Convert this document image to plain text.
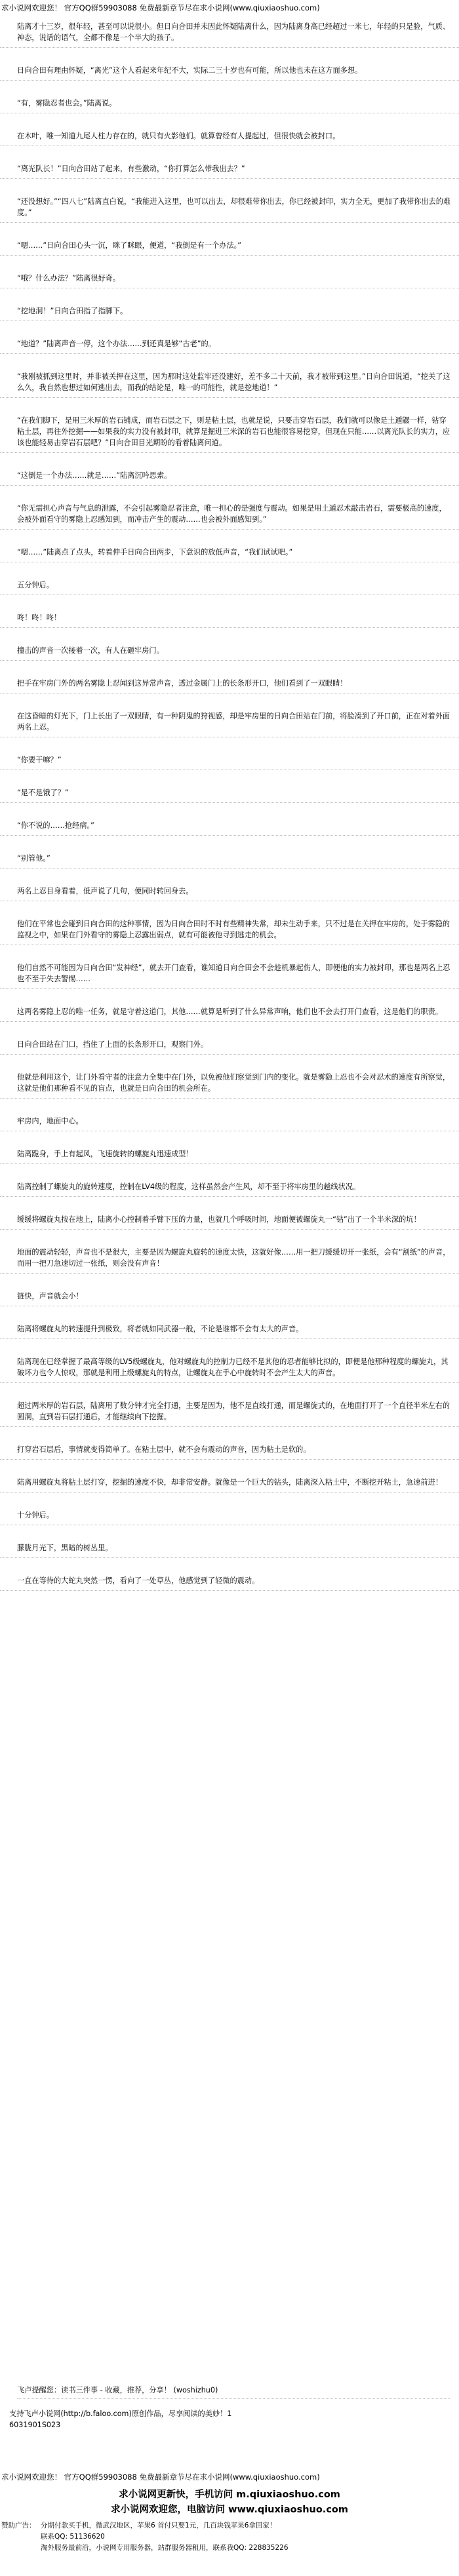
求小说网欢迎您！ 官方QQ群59903088 免费最新章节尽在求小说网(www.qiuxiaoshuo.com)
陆离才十三岁，很年轻，甚至可以说很小。但日向合田并未因此怀疑陆离什么，因为陆离身高已经超过一米七，年轻的只是脸，气质、神态，说话的语气，全都不像是一个半大的孩子。
日向合田有理由怀疑，“离光”这个人看起来年纪不大，实际二三十岁也有可能，所以他也未在这方面多想。
“有，雾隐忍者也会。”陆离说。
在木叶，唯一知道九尾人柱力存在的，就只有火影他们。就算曾经有人提起过，但很快就会被封口。
“离光队长！”日向合田站了起来，有些激动，“你打算怎么带我出去？”
“还没想好。”“四八七”陆离直白说，“我能进入这里，也可以出去，却很难带你出去，你已经被封印，实力全无，更加了我带你出去的难度。”
“嗯……”日向合田心头一沉，眯了眯眼，便道，“我倒是有一个办法。”
“哦？什么办法？”陆离很好奇。
“挖地洞！”日向合田指了指脚下。
“地道？”陆离声音一停，这个办法……到还真是够“古老”的。
“我刚被抓到这里时，并非被关押在这里，因为那时这处监牢还没建好，差不多二十天前，我才被带到这里。”日向合田说道，“挖关了这么久，我自然也想过如何逃出去，而我的结论是，唯一的可能性，就是挖地道！”
“在我们脚下，是用三米厚的岩石铺成，而岩石层之下，则是粘土层，也就是说，只要击穿岩石层，我们就可以像是土遁鼹一样，钻穿粘土层，再往外挖掘——如果我的实力没有被封印，就算是掘进三米深的岩石也能很容易挖穿，但现在只能……以离光队长的实力，应该也能轻易击穿岩石层吧？”日向合田目光期盼的看着陆离问道。
“这倒是一个办法……就是……”陆离沉吟思索。
“你无需担心声音与气息的泄露，不会引起雾隐忍者注意，唯一担心的是强度与震动。如果是用土遁忍术敲击岩石，需要极高的速度，会被外面看守的雾隐上忍感知到，而冲击产生的震动……也会被外面感知到。”
“嗯……”陆离点了点头，转着伸手日向合田两步，下意识的放低声音，“我们试试吧。”
五分钟后。
咚！咚！咚！
撞击的声音一次接着一次，有人在砸牢房门。
把手在牢房门外的两名雾隐上忍闻到这异常声音，透过金属门上的长条形开口，他们看到了一双眼睛！
在这昏暗的灯光下，门上长出了一双眼睛，有一种阴鬼的狩视感，却是牢房里的日向合田站在门前，将脸凑到了开口前，正在对着外面两名上忍。
“你要干嘛？”
“是不是饿了？”
“你不说的……抢经病。”
“别管他。”
两名上忍目身看着，低声说了几句，便同时转回身去。
他们在平常也会碰到日向合田的这种事情，因为日向合田时不时有些精神失常，却未生动手来，只不过是在关押在牢房的，处于雾隐的监视之中，如果在门外看守的雾隐上忍露出弱点，就有可能被他寻到逃走的机会。
他们自然不可能因为日向合田“发神经”，就去开门查看，谁知道日向合田会不会趁机暴起伤人，即便他的实力被封印，那也是两名上忍也不至于失去警惕……
这两名雾隐上忍的唯一任务，就是守着这道门，其他……就算是听到了什么异常声响，他们也不会去打开门查看，这是他们的职责。
日向合田站在门口，挡住了上面的长条形开口，观察门外。
他就是利用这个，让门外看守者的注意力全集中在门外，以免被他们察觉到门内的变化。就是雾隐上忍也不会对忍术的速度有所察觉，这就是他们那种看不见的盲点，也就是日向合田的机会所在。
牢房内，地面中心。
陆离跪身，手上有起风，飞速旋转的螺旋丸迅速成型！
陆离控制了螺旋丸的旋转速度，控制在LV4级的程度，这样虽然会产生风，却不至于将牢房里的越线状况。
缓缓将螺旋丸按在地上，陆离小心控制着手臂下压的力量，也就几个呼吸时间，地面便被螺旋丸一“钻”出了一个半米深的坑！
地面的震动轻轻，声音也不是很大，主要是因为螺旋丸旋转的速度太快，这就好像……用一把刀缓缓切开一张纸，会有“割纸”的声音，而用一把刀急速切过一张纸，则会没有声音！
链快，声音就会小！
陆离将螺旋丸的转速提升到极致，将者就如同武器一般，不论是谁都不会有太大的声音。
陆离现在已经掌握了最高等级的LV5级螺旋丸，他对螺旋丸的控制力已经不是其他的忍者能够比拟的，即便是他那种程度的螺旋丸，其破坏力也令人惊叹，那就是利用上级螺旋丸的特点，让螺旋丸在手心中旋转时不会产生太大的声音。
超过两米厚的岩石层，陆离用了数分钟才完全打通，主要是因为，他不是直线打通，而是螺旋式的，在地面打开了一个直径半米左右的圆洞，直到岩石层打通后，才能继续向下挖掘。
打穿岩石层后，事情就变得简单了。在粘土层中，就不会有震动的声音，因为粘土是软的。
陆离用螺旋丸将粘土层打穿，挖掘的速度不快，却非常安静。就像是一个巨大的钻头，陆离深入粘土中，不断挖开粘土，急速前进！
十分钟后。
朦胧月光下，黑暗的树丛里。
一直在等待的大蛇丸突然一愣，看向了一处草丛，他感觉到了轻微的震动。
飞卢提醒您：读书三件事 - 收藏，推荐，分享！ (woshizhu0)
支持飞卢小说网(http://b.faloo.com)原创作品，尽享阅读的美妙！1
6031901S023
求小说网欢迎您！ 官方QQ群59903088 免费最新章节尽在求小说网(www.qiuxiaoshuo.com)
求小说网更新快，手机访问 m.qiuxiaoshuo.com
求小说网欢迎您，电脑访问 www.qiuxiaoshuo.com
赞助广告： 分期付款买手机，微武汉地区，苹果6 首付只要1元，几百块钱苹果6拿回家！
联系QQ: 51136620
淘外服务最前沿，小说网专用服务器，站群服务器租用，联系我QQ: 228835226
